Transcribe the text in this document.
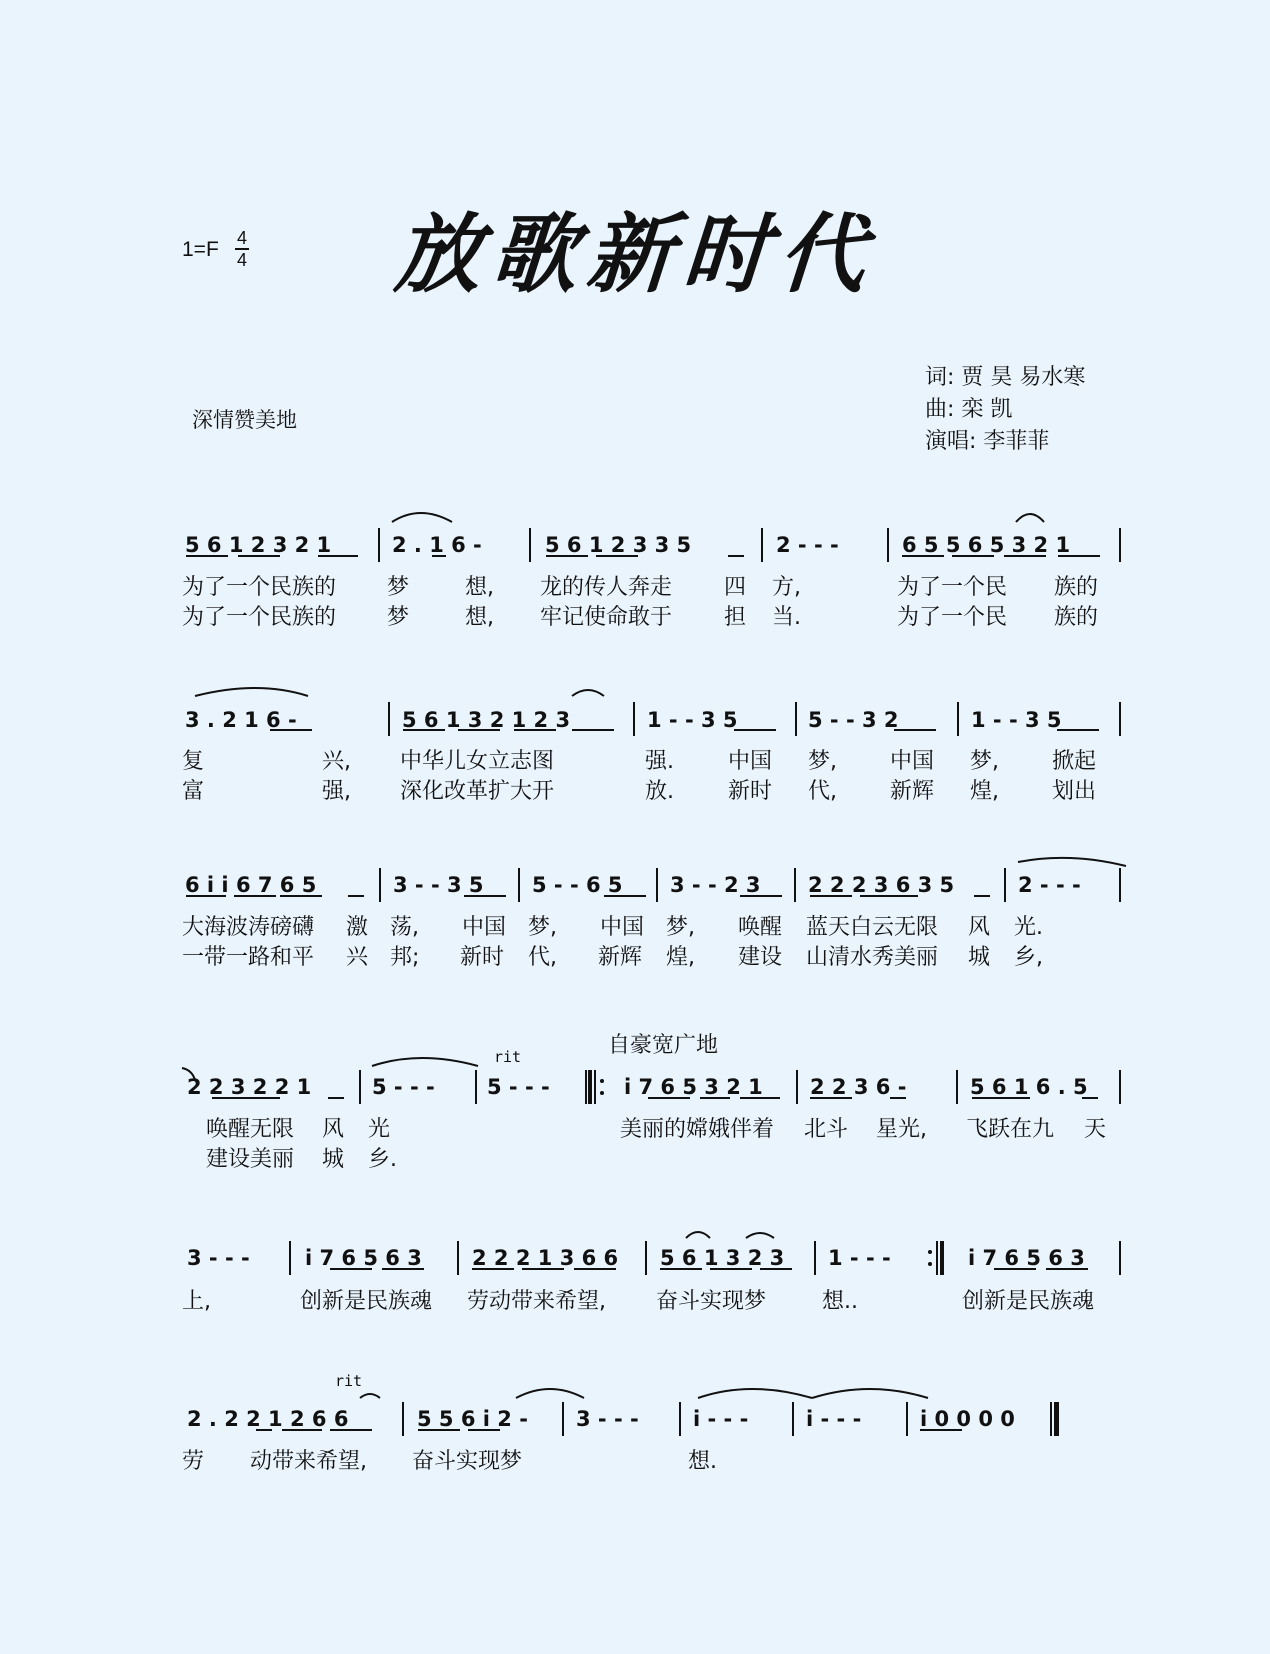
1=F 4
4 放歌新时代
词: 贾 昊 易水寒
曲: 栾 凯
演唱: 李菲菲
深情赞美地
5 6 1 2 3 2 1	2 . 1 6 -	5 6 1 2 3 3 5	2 - - -	6 5 5 6 5 3 2 1
为了一个民族的 梦	想, 龙的传人奔走 四 方,	为了一个民 族的
为了一个民族的 梦	想, 牢记使命敢于 担 当.	为了一个民 族的
3 . 2 1 6 -	5 6 1 3 2 1 2 3	1 - - 3 5	5 - - 3 2	1 - - 3 5
复	兴, 中华儿女立志图	强. 中国 梦, 中国 梦, 掀起
富	强, 深化改革扩大开	放. 新时 代, 新辉 煌, 划出
6 i i 6 7 6 5	3 - - 3 5 5 - - 6 5 3 - - 2 3 2 2 2 3 6 3 5	2 - - -
大海波涛磅礴 激 荡, 中国 梦, 中国 梦, 唤醒 蓝天白云无限 风 光.
一带一路和平 兴 邦; 新时 代, 新辉 煌, 建设 山清水秀美丽 城 乡,
自豪宽广地
rit
2 2 3 2 2 1	5 - - - 5 - - -	i 7 6 5 3 2 1 2 2 3 6 -	5 6 1 6 . 5
唤醒无限 风 光	美丽的嫦娥伴着 北斗 星光, 飞跃在九 天
建设美丽 城 乡.
3 - - -	i 7 6 5 6 3 2 2 2 1 3 6 6 5 6 1 3 2 3 1 - - -	i 7 6 5 6 3
上,	创新是民族魂 劳动带来希望, 奋斗实现梦	想..	创新是民族魂
rit
2 . 2 2 1 2 6 6	5 5 6 i 2 - 3 - - -	i - - -	i - - -	i 0 0 0 0
劳 动带来希望, 奋斗实现梦	想.
